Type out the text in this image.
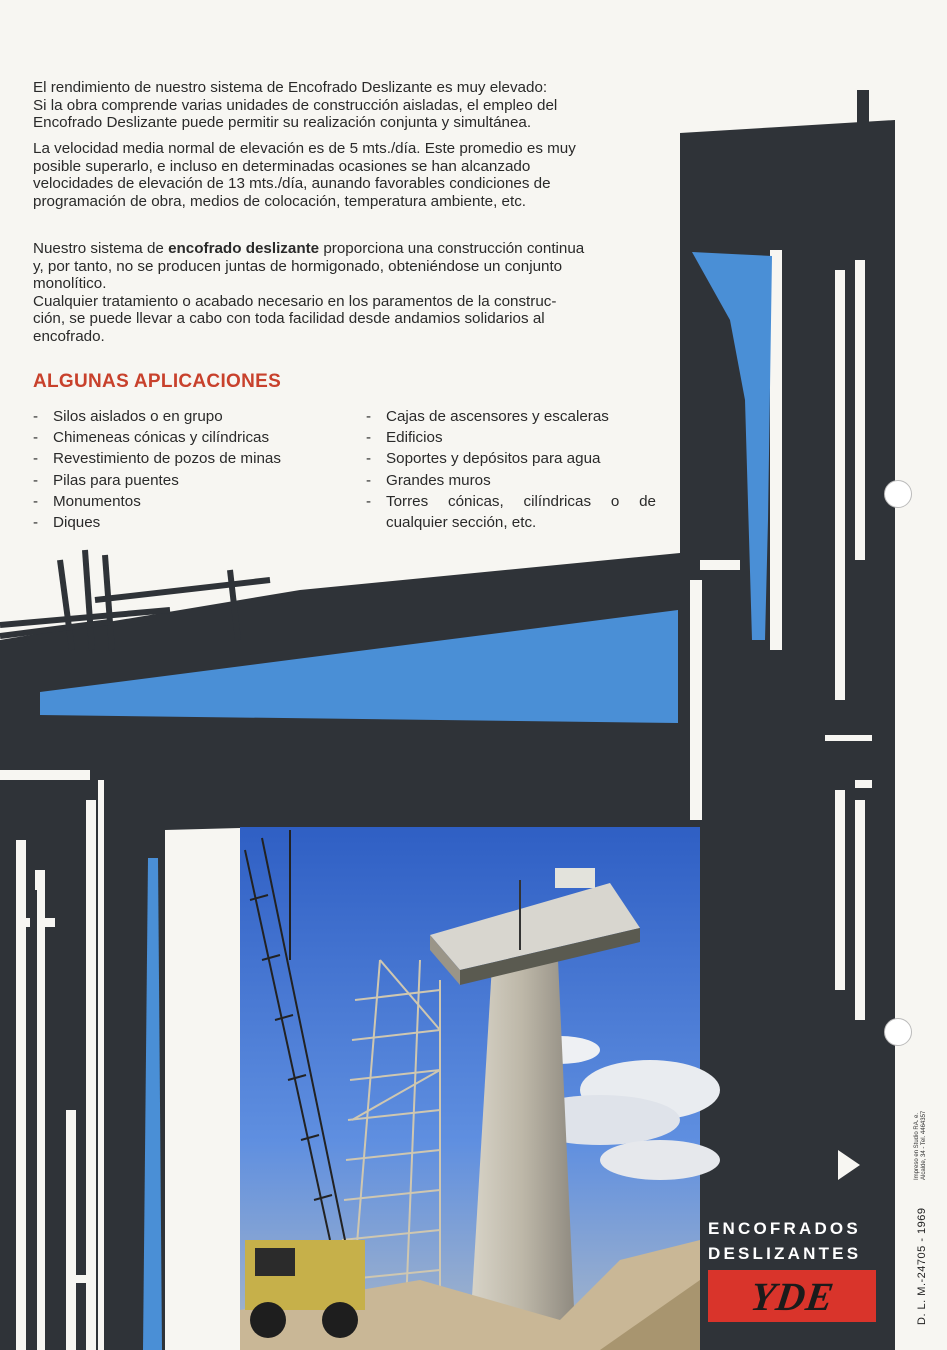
El rendimiento de nuestro sistema de Encofrado Deslizante es muy elevado:
Si la obra comprende varias unidades de construcción aisladas, el empleo del
Encofrado Deslizante puede permitir su realización conjunta y simultánea.
La velocidad media normal de elevación es de 5 mts./día. Este promedio es muy
posible superarlo, e incluso en determinadas ocasiones se han alcanzado
velocidades de elevación de 13 mts./día, aunando favorables condiciones de
programación de obra, medios de colocación, temperatura ambiente, etc.
Nuestro sistema de encofrado deslizante proporciona una construcción continua
y, por tanto, no se producen juntas de hormigonado, obteniéndose un conjunto
monolítico.
Cualquier tratamiento o acabado necesario en los paramentos de la construc-
ción, se puede llevar a cabo con toda facilidad desde andamios solidarios al
encofrado.
ALGUNAS APLICACIONES
- Silos aislados o en grupo
- Chimeneas cónicas y cilíndricas
- Revestimiento de pozos de minas
- Pilas para puentes
- Monumentos
- Diques
- Cajas de ascensores y escaleras
- Edificios
- Soportes y depósitos para agua
- Grandes muros
- Torres cónicas, cilíndricas o de cualquier sección, etc.
ENCOFRADOS
DESLIZANTES
YDE	D. L. M.-24705 - 1969
Impreso en Studio RA. e. Alcalde, 34 - Tel. 4464357
